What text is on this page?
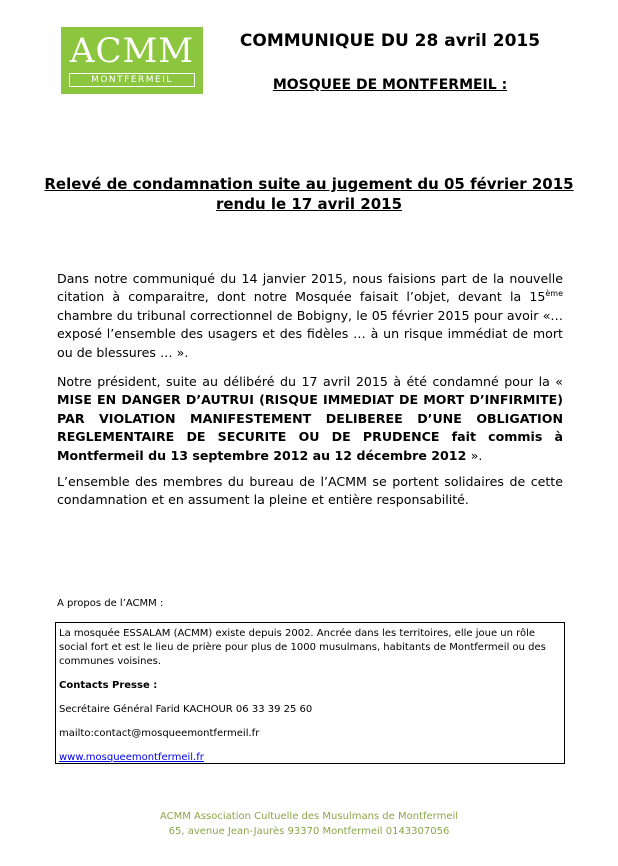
ACMM
MONTFERMEIL
COMMUNIQUE DU 28 avril 2015
MOSQUEE DE MONTFERMEIL :
Relevé de condamnation suite au jugement du 05 février 2015
rendu le 17 avril 2015
Dans notre communiqué du 14 janvier 2015, nous faisions part de la nouvelle citation à comparaitre, dont notre Mosquée faisait l’objet, devant la 15ème chambre du tribunal correctionnel de Bobigny, le 05 février 2015 pour avoir «… exposé l’ensemble des usagers et des fidèles … à un risque immédiat de mort ou de blessures … ».
Notre président, suite au délibéré du 17 avril 2015 à été condamné pour la « MISE EN DANGER D’AUTRUI (RISQUE IMMEDIAT DE MORT D’INFIRMITE) PAR VIOLATION MANIFESTEMENT DELIBEREE D’UNE OBLIGATION REGLEMENTAIRE DE SECURITE OU DE PRUDENCE fait commis à Montfermeil du 13 septembre 2012 au 12 décembre 2012 ».
L’ensemble des membres du bureau de l’ACMM se portent solidaires de cette condamnation et en assument la pleine et entière responsabilité.
A propos de l’ACMM :

La mosquée ESSALAM (ACMM) existe depuis 2002. Ancrée dans les territoires, elle joue un rôle social fort et est le lieu de prière pour plus de 1000 musulmans, habitants de Montfermeil ou des communes voisines.

Contacts Presse :

Secrétaire Général Farid KACHOUR 06 33 39 25 60

mailto:contact@mosqueemontfermeil.fr

www.mosqueemontfermeil.fr

ACMM Association Cultuelle des Musulmans de Montfermeil
65, avenue Jean-Jaurès 93370 Montfermeil 0143307056
